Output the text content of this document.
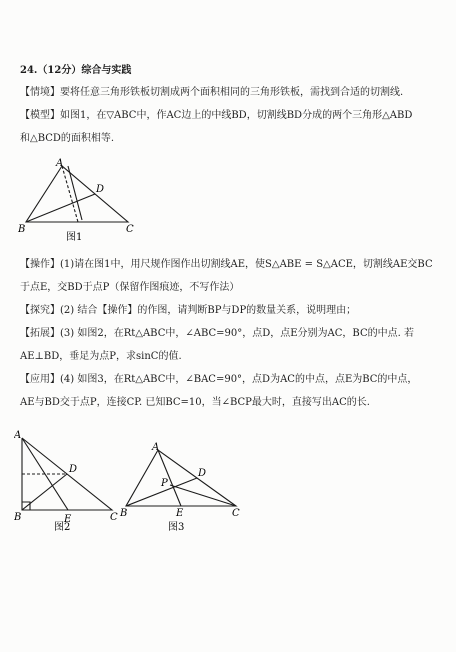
24.（12分）综合与实践
【情境】要将任意三角形铁板切割成两个面积相同的三角形铁板，需找到合适的切割线.
【模型】如图1，在▽ABC中，作AC边上的中线BD，切割线BD分成的两个三角形△ABD
和△BCD的面积相等.
A
B	C
D
图1
【操作】(1)请在图1中，用尺规作图作出切割线AE，使S△ABE = S△ACE，切割线AE交BC
于点E，交BD于点P（保留作图痕迹，不写作法）
【探究】(2) 结合【操作】的作图，请判断BP与DP的数量关系，说明理由；
【拓展】(3) 如图2，在Rt△ABC中，∠ABC=90°，点D，点E分别为AC，BC的中点. 若
AE⊥BD，垂足为点P，求sinC的值.
【应用】(4) 如图3，在Rt△ABC中，∠BAC=90°，点D为AC的中点，点E为BC的中点，
AE与BD交于点P，连接CP. 已知BC=10，当∠BCP最大时，直接写出AC的长.
A
B	C
D
E
图2
A
B	C
D
E
P
图3
